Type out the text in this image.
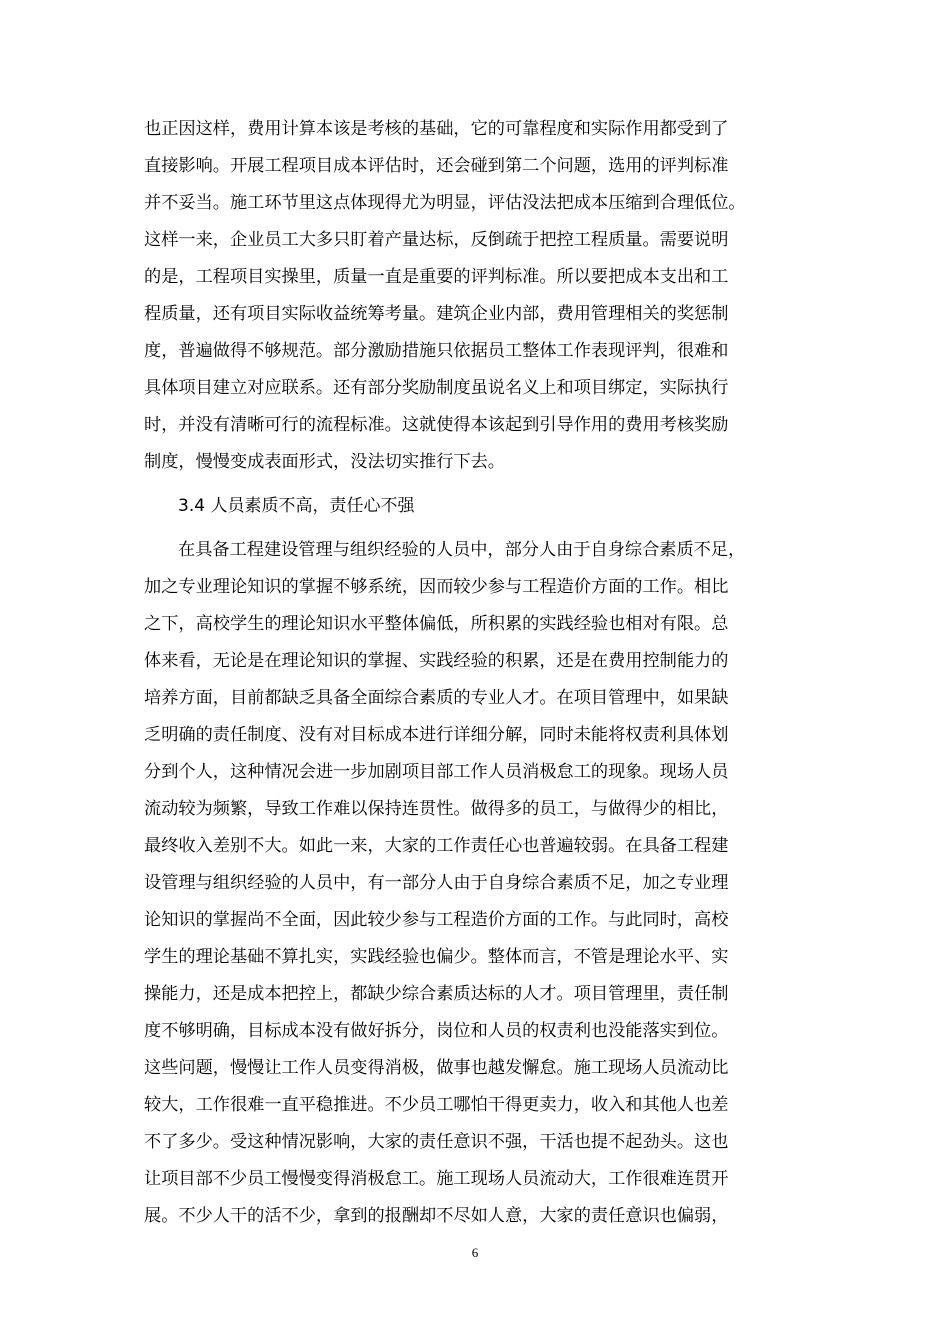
也正因这样，费用计算本该是考核的基础，它的可靠程度和实际作用都受到了
直接影响。开展工程项目成本评估时，还会碰到第二个问题，选用的评判标准
并不妥当。施工环节里这点体现得尤为明显，评估没法把成本压缩到合理低位。
这样一来，企业员工大多只盯着产量达标，反倒疏于把控工程质量。需要说明
的是，工程项目实操里，质量一直是重要的评判标准。所以要把成本支出和工
程质量，还有项目实际收益统筹考量。建筑企业内部，费用管理相关的奖惩制
度，普遍做得不够规范。部分激励措施只依据员工整体工作表现评判，很难和
具体项目建立对应联系。还有部分奖励制度虽说名义上和项目绑定，实际执行
时，并没有清晰可行的流程标准。这就使得本该起到引导作用的费用考核奖励
制度，慢慢变成表面形式，没法切实推行下去。
3.4 人员素质不高，责任心不强
在具备工程建设管理与组织经验的人员中，部分人由于自身综合素质不足，
加之专业理论知识的掌握不够系统，因而较少参与工程造价方面的工作。相比
之下，高校学生的理论知识水平整体偏低，所积累的实践经验也相对有限。总
体来看，无论是在理论知识的掌握、实践经验的积累，还是在费用控制能力的
培养方面，目前都缺乏具备全面综合素质的专业人才。在项目管理中，如果缺
乏明确的责任制度、没有对目标成本进行详细分解，同时未能将权责利具体划
分到个人，这种情况会进一步加剧项目部工作人员消极怠工的现象。现场人员
流动较为频繁，导致工作难以保持连贯性。做得多的员工，与做得少的相比，
最终收入差别不大。如此一来，大家的工作责任心也普遍较弱。在具备工程建
设管理与组织经验的人员中，有一部分人由于自身综合素质不足，加之专业理
论知识的掌握尚不全面，因此较少参与工程造价方面的工作。与此同时，高校
学生的理论基础不算扎实，实践经验也偏少。整体而言，不管是理论水平、实
操能力，还是成本把控上，都缺少综合素质达标的人才。项目管理里，责任制
度不够明确，目标成本没有做好拆分，岗位和人员的权责利也没能落实到位。
这些问题，慢慢让工作人员变得消极，做事也越发懈怠。施工现场人员流动比
较大，工作很难一直平稳推进。不少员工哪怕干得更卖力，收入和其他人也差
不了多少。受这种情况影响，大家的责任意识不强，干活也提不起劲头。这也
让项目部不少员工慢慢变得消极怠工。施工现场人员流动大，工作很难连贯开
展。不少人干的活不少，拿到的报酬却不尽如人意，大家的责任意识也偏弱，
6
